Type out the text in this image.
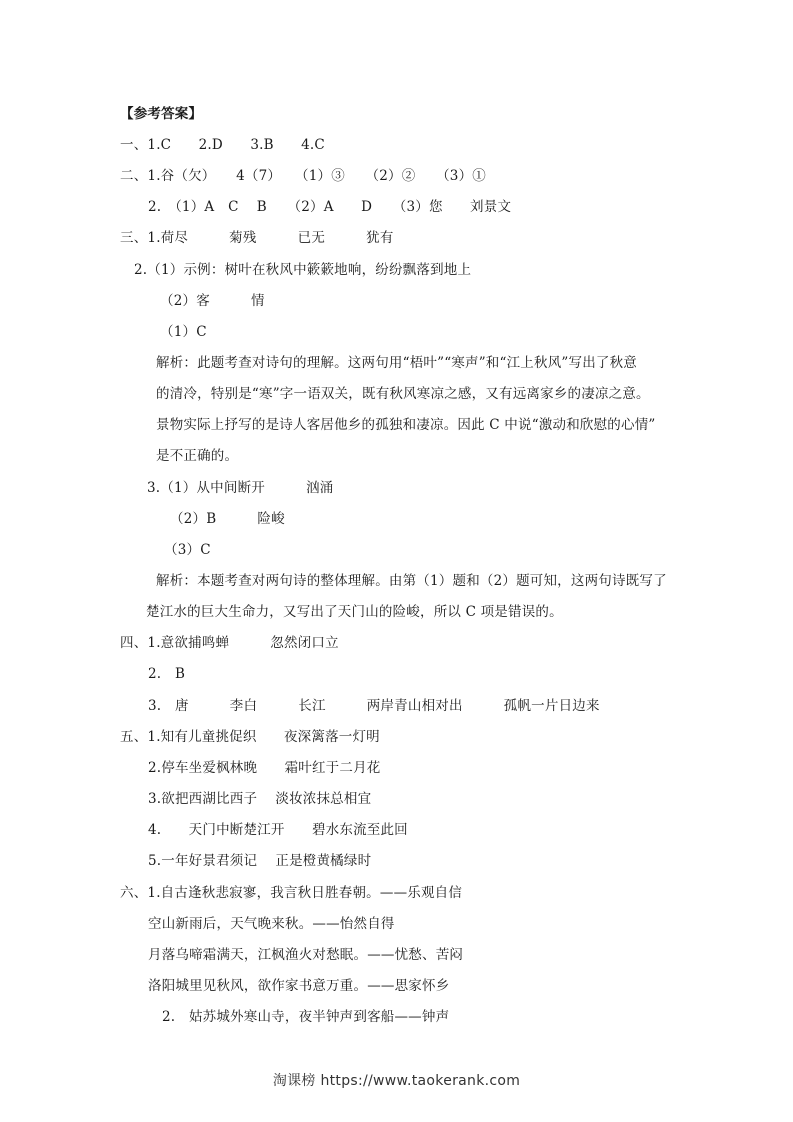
【参考答案】
一、1.C　　2.D　　3.B　　4.C
二、1.谷（欠）　　4（7）　　（1）③　　（2）②　　（3）①
2.　（1）A　C　 B　　（2）A　　D　　（3）您　　刘景文
三、1.荷尽　　　菊残　　　已无　　　犹有
2.（1）示例：树叶在秋风中簌簌地响，纷纷飘落到地上
（2）客　　　情
（1）C
解析：此题考查对诗句的理解。这两句用“梧叶”“寒声”和“江上秋风”写出了秋意
的清冷，特别是“寒”字一语双关，既有秋风寒凉之感，又有远离家乡的凄凉之意。
景物实际上抒写的是诗人客居他乡的孤独和凄凉。因此 C 中说“激动和欣慰的心情”
是不正确的。
3.（1）从中间断开　　　汹涌
（2）B　　　险峻
（3）C
解析：本题考查对两句诗的整体理解。由第（1）题和（2）题可知，这两句诗既写了
楚江水的巨大生命力，又写出了天门山的险峻，所以 C 项是错误的。
四、1.意欲捕鸣蝉　　　忽然闭口立
2.　B
3.　唐　　　李白　　　长江　　　两岸青山相对出　　　孤帆一片日边来
五、1.知有儿童挑促织　　夜深篱落一灯明
2.停车坐爱枫林晚　　霜叶红于二月花
3.欲把西湖比西子　 淡妆浓抹总相宜
4.　　天门中断楚江开　　碧水东流至此回
5.一年好景君须记　 正是橙黄橘绿时
六、1.自古逢秋悲寂寥，我言秋日胜春朝。——乐观自信
空山新雨后，天气晚来秋。——怡然自得
月落乌啼霜满天，江枫渔火对愁眠。——忧愁、苦闷
洛阳城里见秋风，欲作家书意万重。——思家怀乡
2.　姑苏城外寒山寺，夜半钟声到客船——钟声
淘课榜 https://www.taokerank.com
